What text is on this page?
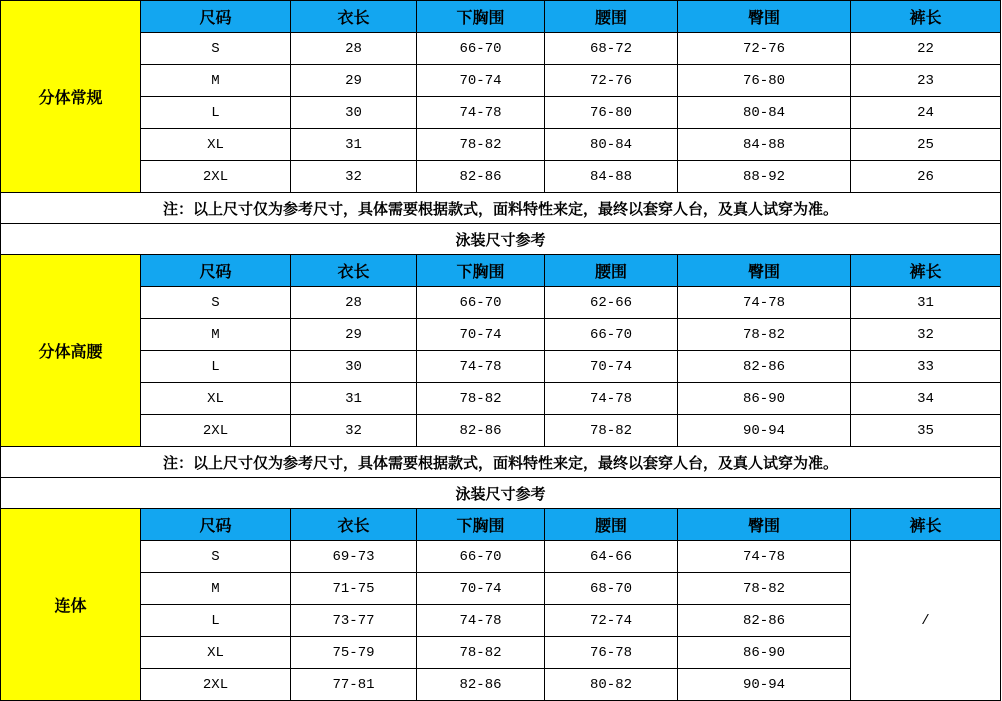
分体常规	尺码	衣长	下胸围	腰围	臀围	裤长
	S	28	66-70	68-72	72-76	22
	M	29	70-74	72-76	76-80	23
	L	30	74-78	76-80	80-84	24
	XL	31	78-82	80-84	84-88	25
	2XL	32	82-86	84-88	88-92	26
注：以上尺寸仅为参考尺寸，具体需要根据款式，面料特性来定，最终以套穿人台，及真人试穿为准。						
泳装尺寸参考						
分体高腰	尺码	衣长	下胸围	腰围	臀围	裤长
	S	28	66-70	62-66	74-78	31
	M	29	70-74	66-70	78-82	32
	L	30	74-78	70-74	82-86	33
	XL	31	78-82	74-78	86-90	34
	2XL	32	82-86	78-82	90-94	35
注：以上尺寸仅为参考尺寸，具体需要根据款式，面料特性来定，最终以套穿人台，及真人试穿为准。						
泳装尺寸参考						
连体	尺码	衣长	下胸围	腰围	臀围	裤长
	S	69-73	66-70	64-66	74-78	/
	M	71-75	70-74	68-70	78-82	
	L	73-77	74-78	72-74	82-86	
	XL	75-79	78-82	76-78	86-90	
	2XL	77-81	82-86	80-82	90-94	
